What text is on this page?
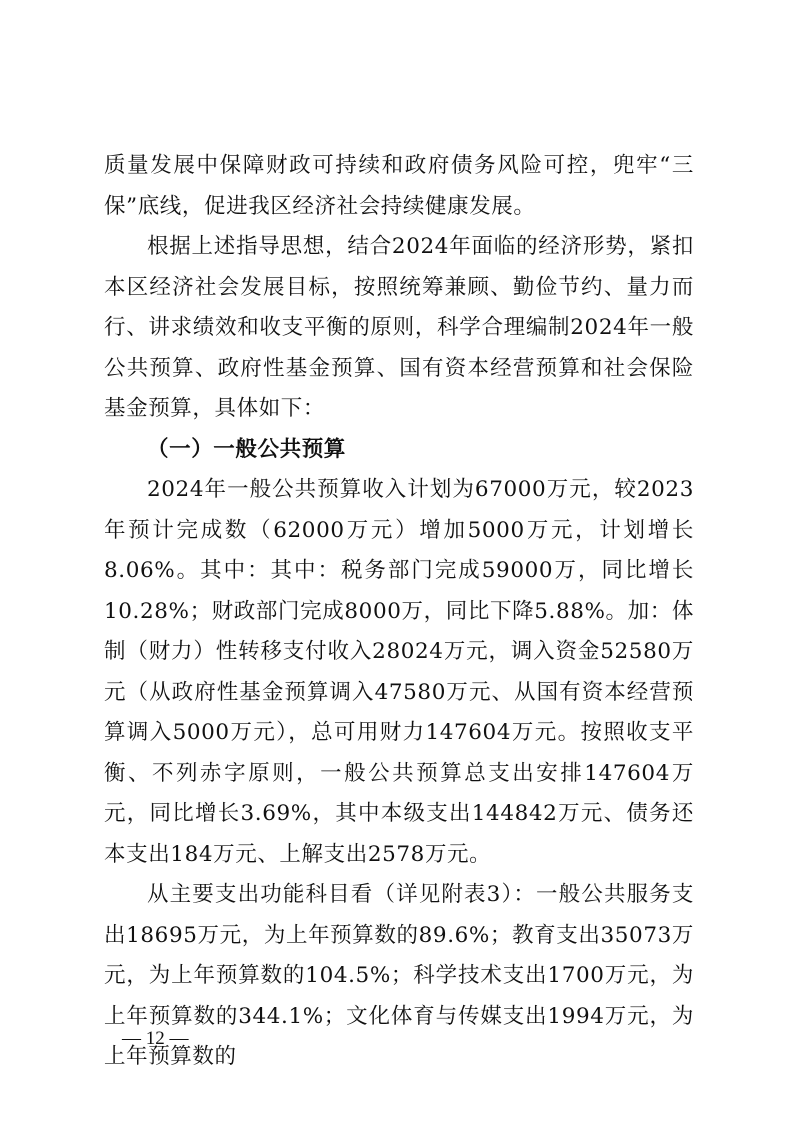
质量发展中保障财政可持续和政府债务风险可控，兜牢“三保”底线，促进我区经济社会持续健康发展。

根据上述指导思想，结合2024年面临的经济形势，紧扣本区经济社会发展目标，按照统筹兼顾、勤俭节约、量力而行、讲求绩效和收支平衡的原则，科学合理编制2024年一般公共预算、政府性基金预算、国有资本经营预算和社会保险基金预算，具体如下：

（一）一般公共预算

2024年一般公共预算收入计划为67000万元，较2023年预计完成数（62000万元）增加5000万元，计划增长8.06%。其中：其中：税务部门完成59000万，同比增长10.28%；财政部门完成8000万，同比下降5.88%。加：体制（财力）性转移支付收入28024万元，调入资金52580万元（从政府性基金预算调入47580万元、从国有资本经营预算调入5000万元），总可用财力147604万元。按照收支平衡、不列赤字原则，一般公共预算总支出安排147604万元，同比增长3.69%，其中本级支出144842万元、债务还本支出184万元、上解支出2578万元。

从主要支出功能科目看（详见附表3）：一般公共服务支出18695万元，为上年预算数的89.6%；教育支出35073万元，为上年预算数的104.5%；科学技术支出1700万元，为上年预算数的344.1%；文化体育与传媒支出1994万元，为上年预算数的

— 12 —
